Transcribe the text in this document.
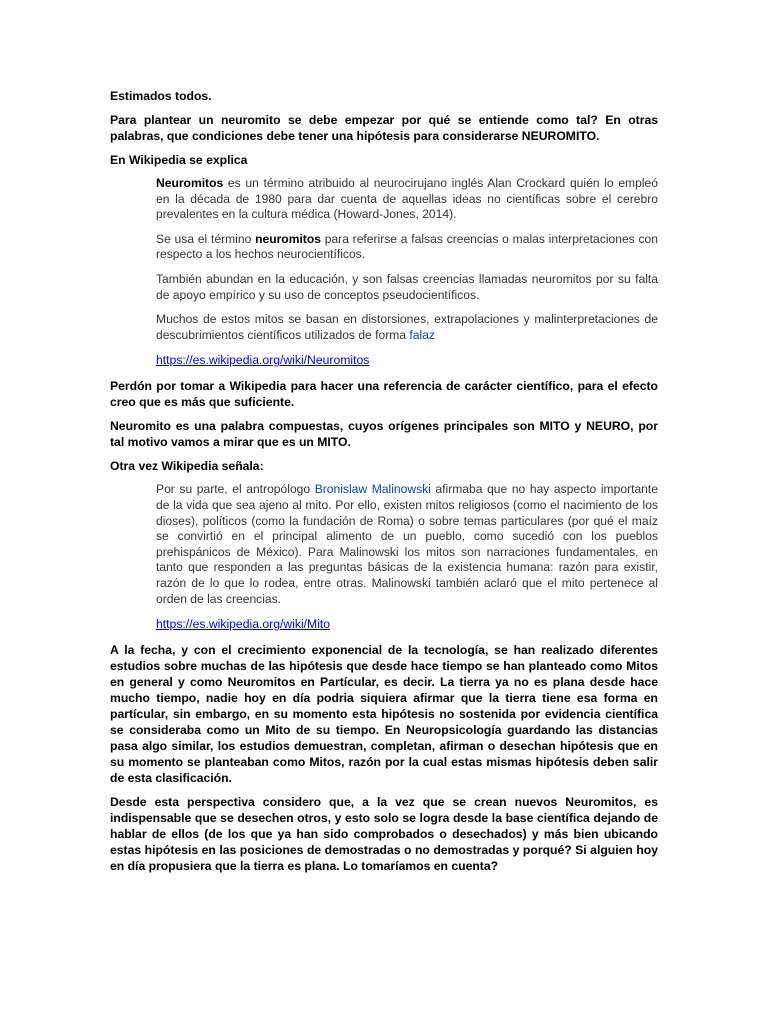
Estimados todos.

Para plantear un neuromito se debe empezar por qué se entiende como tal? En otras palabras, que condiciones debe tener una hipótesis para considerarse NEUROMITO.

En Wikipedia se explica

Neuromitos es un término atribuido al neurocirujano inglés Alan Crockard quién lo empleó en la década de 1980 para dar cuenta de aquellas ideas no científicas sobre el cerebro prevalentes en la cultura médica (Howard-Jones, 2014).

Se usa el término neuromitos para referirse a falsas creencias o malas interpretaciones con respecto a los hechos neurocientíficos.

También abundan en la educación, y son falsas creencias llamadas neuromitos por su falta de apoyo empírico y su uso de conceptos pseudocientíficos.

Muchos de estos mitos se basan en distorsiones, extrapolaciones y malinterpretaciones de descubrimientos científicos utilizados de forma falaz

https://es.wikipedia.org/wiki/Neuromitos

Perdón por tomar a Wikipedia para hacer una referencia de carácter científico, para el efecto creo que es más que suficiente.

Neuromito es una palabra compuestas, cuyos orígenes principales son MITO y NEURO, por tal motivo vamos a mirar que es un MITO.

Otra vez Wikipedia señala:

Por su parte, el antropólogo Bronislaw Malinowski afirmaba que no hay aspecto importante de la vida que sea ajeno al mito. Por ello, existen mitos religiosos (como el nacimiento de los dioses), políticos (como la fundación de Roma) o sobre temas particulares (por qué el maíz se convirtió en el principal alimento de un pueblo, como sucedió con los pueblos prehispánicos de México). Para Malinowski los mitos son narraciones fundamentales, en tanto que responden a las preguntas básicas de la existencia humana: razón para existir, razón de lo que lo rodea, entre otras. Malinowski también aclaró que el mito pertenece al orden de las creencias.

https://es.wikipedia.org/wiki/Mito

A la fecha, y con el crecimiento exponencial de la tecnología, se han realizado diferentes estudios sobre muchas de las hipótesis que desde hace tiempo se han planteado como Mitos en general y como Neuromitos en Partícular, es decir. La tierra ya no es plana desde hace mucho tiempo, nadie hoy en día podria siquiera afirmar que la tierra tiene esa forma en partícular, sin embargo, en su momento esta hipótesis no sostenida por evidencia científica se consideraba como un Mito de su tiempo. En Neuropsicología guardando las distancias pasa algo similar, los estudios demuestran, completan, afirman o desechan hipótesis que en su momento se planteaban como Mitos, razón por la cual estas mismas hipótesis deben salir de esta clasificación.

Desde esta perspectiva considero que, a la vez que se crean nuevos Neuromitos, es indispensable que se desechen otros, y esto solo se logra desde la base científica dejando de hablar de ellos (de los que ya han sido comprobados o desechados) y más bien ubicando estas hipótesis en las posiciones de demostradas o no demostradas y porqué? Si alguien hoy en día propusiera que la tierra es plana. Lo tomaríamos en cuenta?
